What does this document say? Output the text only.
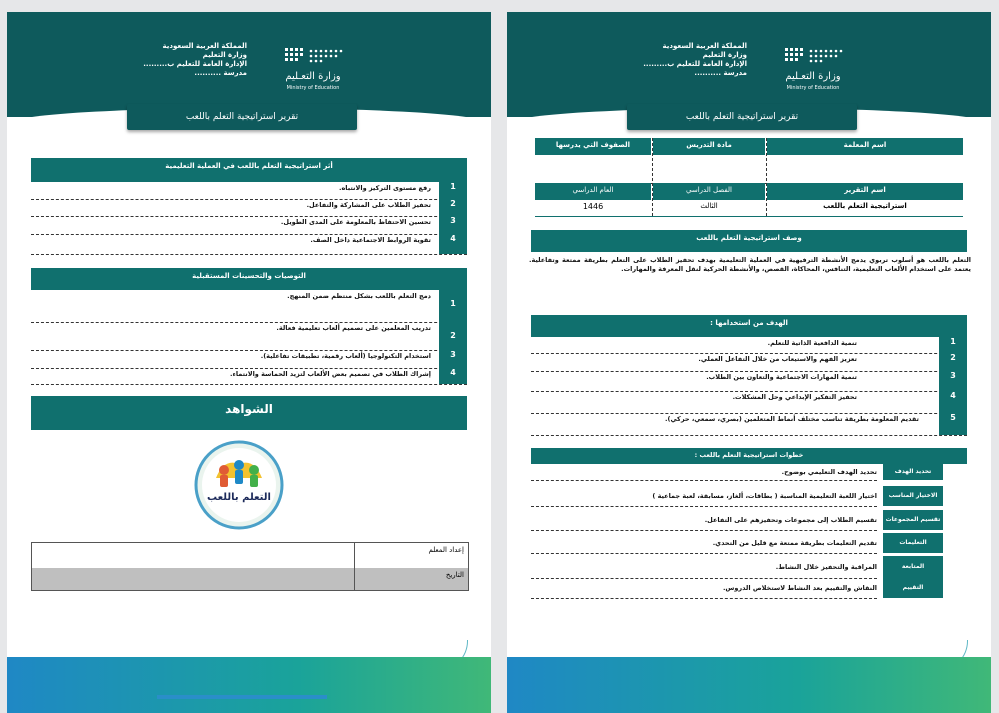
المملكة العربية السعودية
وزارة التعليم
الإدارة العامة للتعليم ب.........
مدرسة ..........	وزارة التعـليم
Ministry of Education
تقرير استراتيجية التعلم باللعب
أثر استراتيجية التعلم باللعب في العملية التعليمية
1
رفع مستوى التركيز والانتباه.
2
تحفيز الطلاب على المشاركة والتفاعل.
3
تحسين الاحتفاظ بالمعلومة على المدى الطويل.
4
تقوية الروابط الاجتماعية داخل الصف.
التوصيات والتحسينات المستقبلية
1
دمج التعلم باللعب بشكل منتظم ضمن المنهج.
2
تدريب المعلمين على تصميم ألعاب تعليمية فعالة.
3
استخدام التكنولوجيا (ألعاب رقمية، تطبيقات تفاعلية).
4
إشراك الطلاب في تصميم بعض الألعاب لتزيد الحماسة والانتماء.
الشواهد
التعلم باللعب
إعداد المعلم
التاريخ
المملكة العربية السعودية
وزارة التعليم
الإدارة العامة للتعليم ب.........
مدرسة ..........	وزارة التعـليم
Ministry of Education
تقرير استراتيجية التعلم باللعب
الصفوف التي يدرسها	مادة التدريس	اسم المعلمة
العام الدراسي	الفصل الدراسي	اسم التقرير
1446	الثالث	استراتيجية التعلم باللعب
وصف استراتيجية التعلم باللعب
التعلم باللعب هو أسلوب تربوي يدمج الأنشطة الترفيهية في العملية التعليمية بهدف تحفيز الطلاب على التعلم بطريقة ممتعة وتفاعلية. يعتمد على استخدام الألعاب التعليمية، التنافس، المحاكاة، القصص، والأنشطة الحركية لنقل المعرفة والمهارات.
الهدف من استخدامها :
1
تنمية الدافعية الذاتية للتعلم.
2
تعزيز الفهم والاستيعاب من خلال التفاعل العملي.
3
تنمية المهارات الاجتماعية والتعاون بين الطلاب.
4
تحفيز التفكير الإبداعي وحل المشكلات.
5
تقديم المعلومة بطريقة تناسب مختلف أنماط المتعلمين (بصري، سمعي، حركي).
خطوات استراتيجية التعلم باللعب :
تحديد الهدف
تحديد الهدف التعليمي بوضوح.
الاختيار المناسب
اختيار اللعبة التعليمية المناسبة ( بطاقات، ألغاز، مسابقة، لعبة جماعية )
تقسيم المجموعات
تقسيم الطلاب إلى مجموعات وتحفيزهم على التفاعل.
التعليمات
تقديم التعليمات بطريقة ممتعة مع قليل من التحدي.
المتابعة
المراقبة والتحفيز خلال النشاط.
التقييم
النقاش والتقييم بعد النشاط لاستخلاص الدروس.
